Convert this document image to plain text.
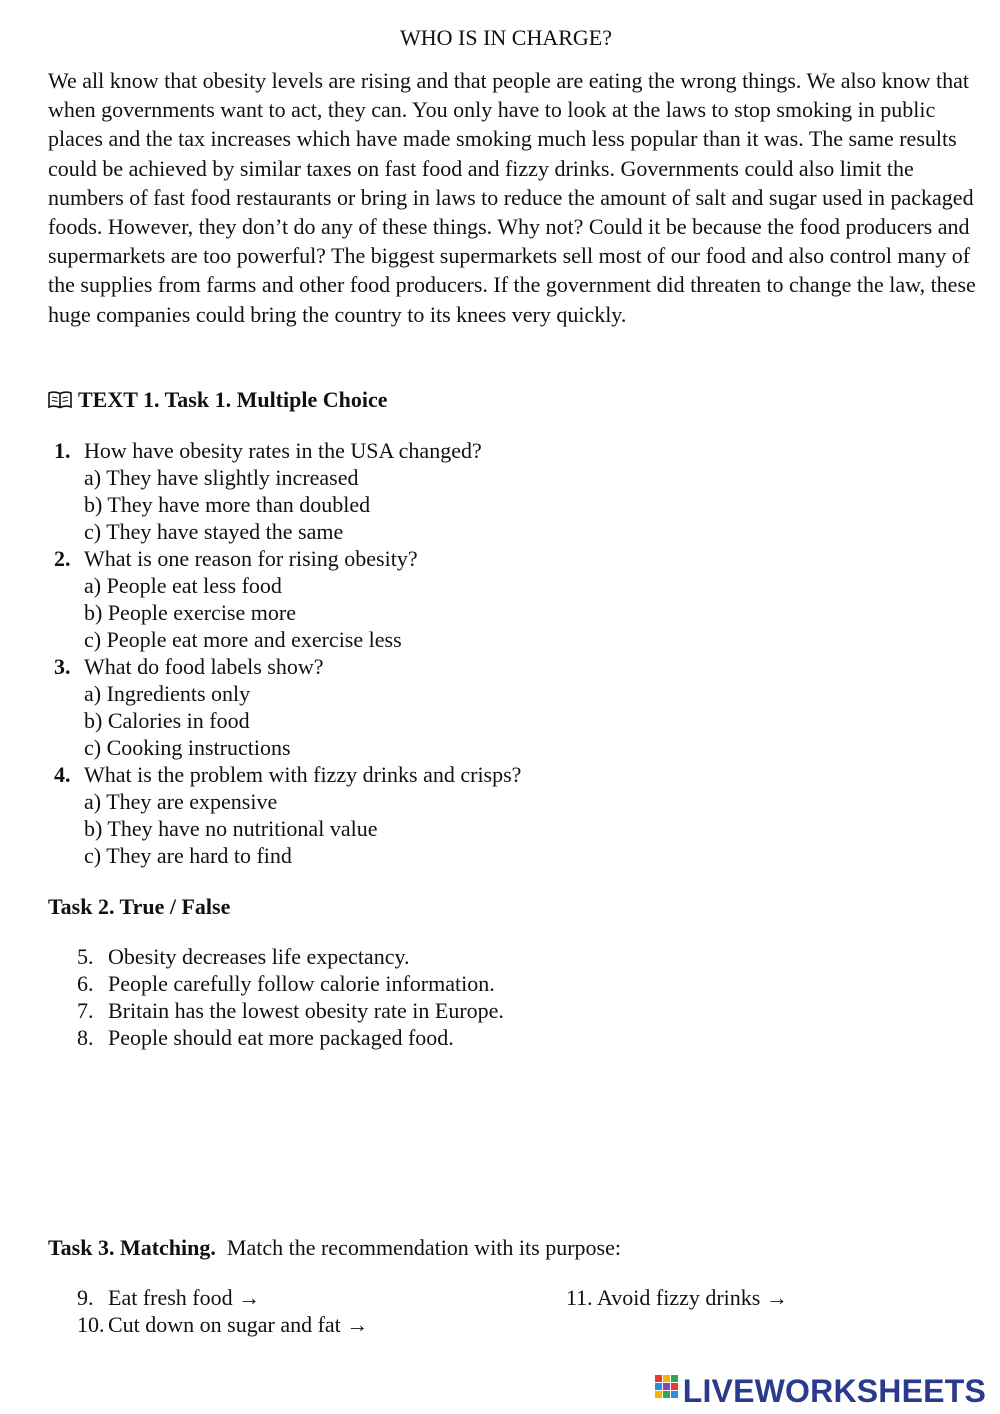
WHO IS IN CHARGE?
We all know that obesity levels are rising and that people are eating the wrong things. We also know that when governments want to act, they can. You only have to look at the laws to stop smoking in public places and the tax increases which have made smoking much less popular than it was. The same results could be achieved by similar taxes on fast food and fizzy drinks. Governments could also limit the numbers of fast food restaurants or bring in laws to reduce the amount of salt and sugar used in packaged foods. However, they don’t do any of these things. Why not? Could it be because the food producers and supermarkets are too powerful? The biggest supermarkets sell most of our food and also control many of the supplies from farms and other food producers. If the government did threaten to change the law, these huge companies could bring the country to its knees very quickly.
TEXT 1. Task 1. Multiple Choice
1. How have obesity rates in the USA changed?
a) They have slightly increased
b) They have more than doubled
c) They have stayed the same
2. What is one reason for rising obesity?
a) People eat less food
b) People exercise more
c) People eat more and exercise less
3. What do food labels show?
a) Ingredients only
b) Calories in food
c) Cooking instructions
4. What is the problem with fizzy drinks and crisps?
a) They are expensive
b) They have no nutritional value
c) They are hard to find
Task 2. True / False
5. Obesity decreases life expectancy.
6. People carefully follow calorie information.
7. Britain has the lowest obesity rate in Europe.
8. People should eat more packaged food.
Task 3. Matching. Match the recommendation with its purpose:
9. Eat fresh food →
10. Cut down on sugar and fat →
11. Avoid fizzy drinks →
LIVEWORKSHEETS
